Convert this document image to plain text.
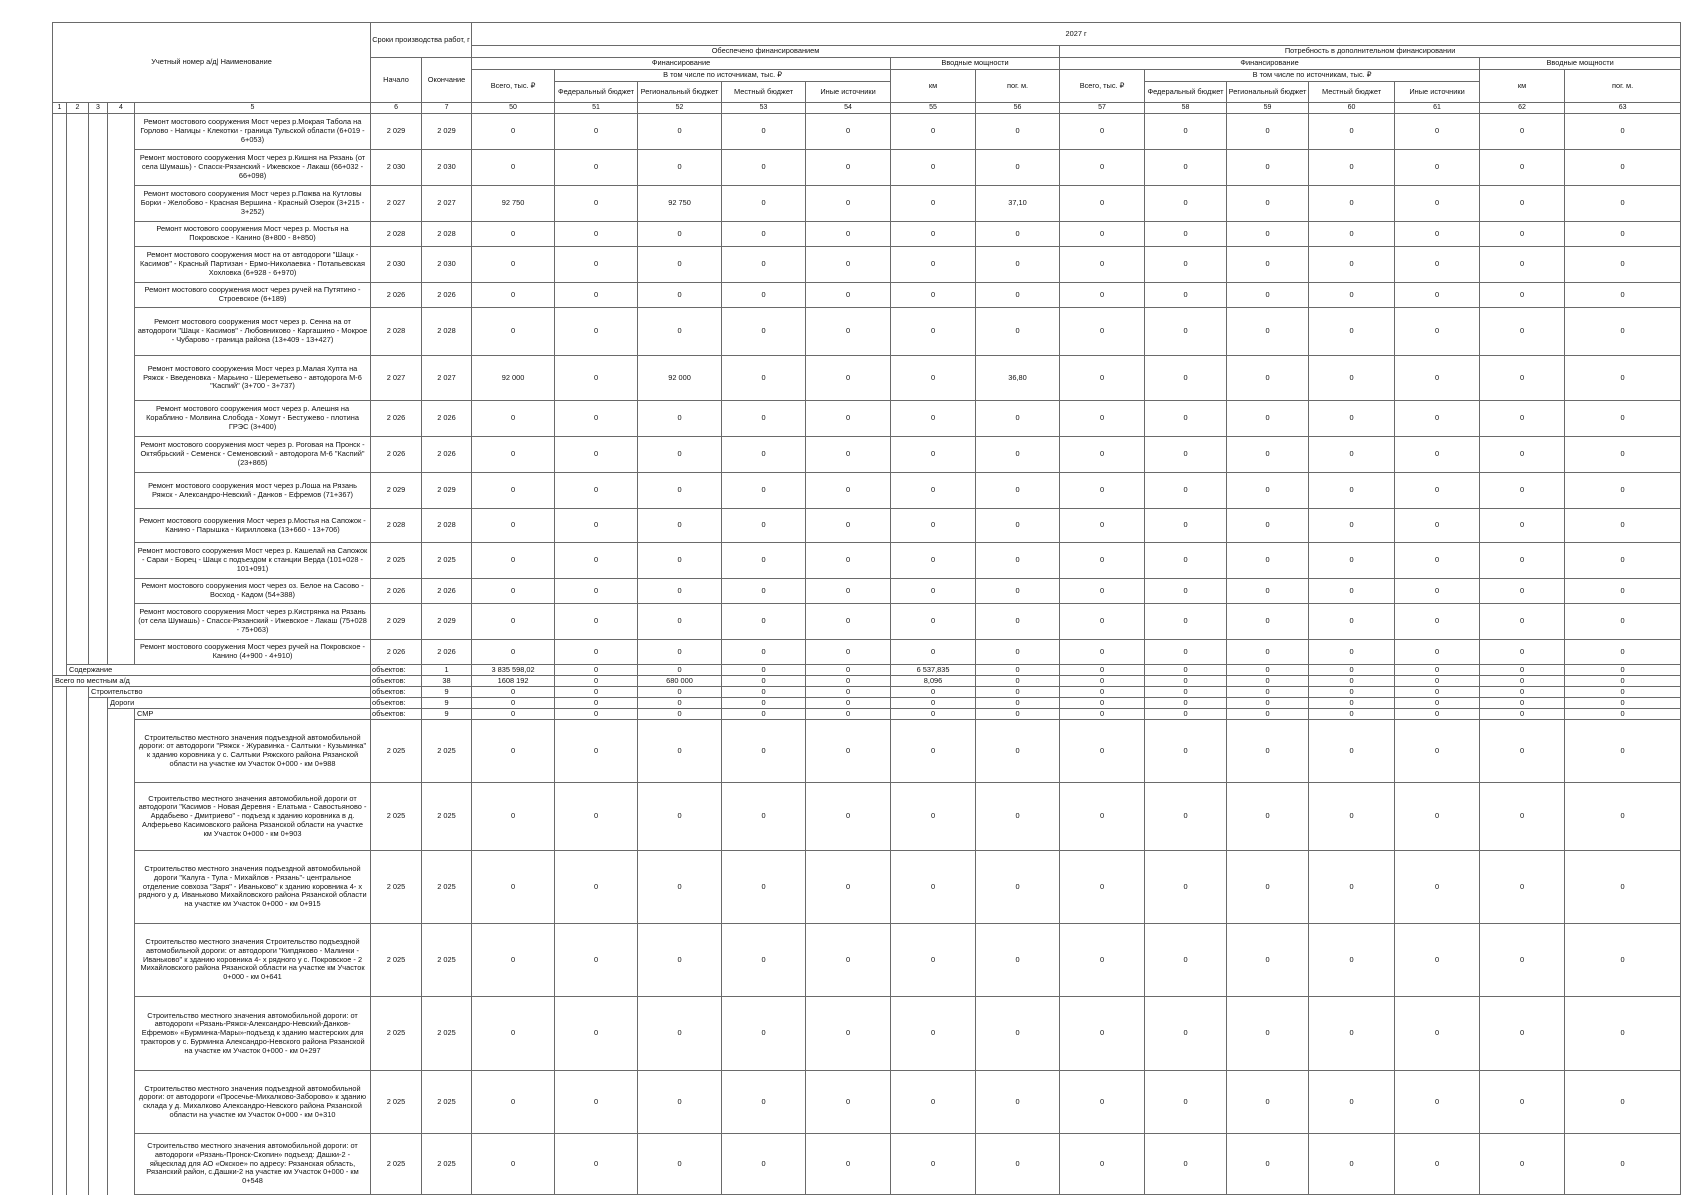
Учетный номер а/д| Наименование					Сроки производства работ, г		2027 г													
							Обеспечено финансированием							Потребность в дополнительном финансировании						
					Начало	Окончание	Финансирование					Вводные мощности		Финансирование					Вводные мощности	
							Всего, тыс. ₽	В том числе по источникам, тыс. ₽				км	пог. м.	Всего, тыс. ₽	В том числе по источникам, тыс. ₽				км	пог. м.
								Федеральный бюджет	Региональный бюджет	Местный бюджет	Иные источники				Федеральный бюджет	Региональный бюджет	Местный бюджет	Иные источники		
1	2	3	4	5	6	7	50	51	52	53	54	55	56	57	58	59	60	61	62	63
				Ремонт мостового сооружения Мост через р.Мокрая Табола на Горлово - Нагицы - Клекотки - граница Тульской области (6+019 - 6+053)	2 029	2 029	0	0	0	0	0	0	0	0	0	0	0	0	0	0
				Ремонт мостового сооружения Мост через р.Кишня на Рязань (от села Шумашь) - Спасск-Рязанский - Ижевское - Лакаш (66+032 - 66+098)	2 030	2 030	0	0	0	0	0	0	0	0	0	0	0	0	0	0
				Ремонт мостового сооружения Мост через р.Пожва на Кутловы Борки - Желобово - Красная Вершина - Красный Озерок (3+215 - 3+252)	2 027	2 027	92 750	0	92 750	0	0	0	37,10	0	0	0	0	0	0	0
				Ремонт мостового сооружения Мост через р. Мостья на Покровское - Канино (8+800 - 8+850)	2 028	2 028	0	0	0	0	0	0	0	0	0	0	0	0	0	0
				Ремонт мостового сооружения мост на от автодороги "Шацк - Касимов" - Красный Партизан - Ермо-Николаевка - Потапьевская Хохловка (6+928 - 6+970)	2 030	2 030	0	0	0	0	0	0	0	0	0	0	0	0	0	0
				Ремонт мостового сооружения мост через ручей на Путятино - Строевское (6+189)	2 026	2 026	0	0	0	0	0	0	0	0	0	0	0	0	0	0
				Ремонт мостового сооружения мост через р. Сенна на от автодороги "Шацк - Касимов" - Любовниково - Каргашино - Мокрое - Чубарово - граница района (13+409 - 13+427)	2 028	2 028	0	0	0	0	0	0	0	0	0	0	0	0	0	0
				Ремонт мостового сооружения Мост через р.Малая Хупта на Ряжск - Введеновка - Марьино - Шереметьево - автодорога М-6 "Каспий" (3+700 - 3+737)	2 027	2 027	92 000	0	92 000	0	0	0	36,80	0	0	0	0	0	0	0
				Ремонт мостового сооружения мост через р. Алешня на Кораблино - Молвина Слобода - Хомут - Бестужево - плотина ГРЭС (3+400)	2 026	2 026	0	0	0	0	0	0	0	0	0	0	0	0	0	0
				Ремонт мостового сооружения мост через р. Роговая на Пронск - Октябрьский - Семенск - Семеновский - автодорога М-6 "Каспий" (23+865)	2 026	2 026	0	0	0	0	0	0	0	0	0	0	0	0	0	0
				Ремонт мостового сооружения мост через р.Лоша на Рязань Ряжск - Александро-Невский - Данков - Ефремов (71+367)	2 029	2 029	0	0	0	0	0	0	0	0	0	0	0	0	0	0
				Ремонт мостового сооружения Мост через р.Мостья на Сапожок - Канино - Парышка - Кирилловка (13+660 - 13+706)	2 028	2 028	0	0	0	0	0	0	0	0	0	0	0	0	0	0
				Ремонт мостового сооружения Мост через р. Кашелай на Сапожок - Сараи - Борец - Шацк с подъездом к станции Верда (101+028 - 101+091)	2 025	2 025	0	0	0	0	0	0	0	0	0	0	0	0	0	0
				Ремонт мостового сооружения мост через оз. Белое на Сасово - Восход - Кадом (54+388)	2 026	2 026	0	0	0	0	0	0	0	0	0	0	0	0	0	0
				Ремонт мостового сооружения Мост через р.Кистрянка на Рязань (от села Шумашь) - Спасск-Рязанский - Ижевское - Лакаш (75+028 - 75+063)	2 029	2 029	0	0	0	0	0	0	0	0	0	0	0	0	0	0
				Ремонт мостового сооружения Мост через ручей на Покровское - Канино (4+900 - 4+910)	2 026	2 026	0	0	0	0	0	0	0	0	0	0	0	0	0	0
	Содержание				объектов:	1	3 835 598,02	0	0	0	0	6 537,835	0	0	0	0	0	0	0	0
Всего по местным а/д					объектов:	38	1608 192	0	680 000	0	0	8,096	0	0	0	0	0	0	0	0
		Строительство			объектов:	9	0	0	0	0	0	0	0	0	0	0	0	0	0	0
			Дороги		объектов:	9	0	0	0	0	0	0	0	0	0	0	0	0	0	0
				СМР	объектов:	9	0	0	0	0	0	0	0	0	0	0	0	0	0	0
				Строительство местного значения подъездной автомобильной дороги: от автодороги "Ряжск - Журавинка - Салтыки - Кузьминка" к зданию коровника у с. Салтыки Ряжского района Рязанской области на участке км Участок 0+000 - км 0+988	2 025	2 025	0	0	0	0	0	0	0	0	0	0	0	0	0	0
				Строительство местного значения автомобильной дороги от автодороги "Касимов - Новая Деревня - Елатьма - Савостьяново - Ардабьево - Дмитриево" - подъезд к зданию коровника в д. Алферьево Касимовского района Рязанской области на участке км Участок 0+000 - км 0+903	2 025	2 025	0	0	0	0	0	0	0	0	0	0	0	0	0	0
				Строительство местного значения подъездной автомобильной дороги "Калуга - Тула - Михайлов - Рязань"- центральное отделение совхоза "Заря" - Иваньково" к зданию коровника 4- х рядного у д. Иваньково Михайловского района Рязанской области на участке км Участок 0+000 - км 0+915	2 025	2 025	0	0	0	0	0	0	0	0	0	0	0	0	0	0
				Строительство местного значения Строительство подъездной автомобильной дороги: от автодороги "Кипдяково - Малинки - Иваньково" к зданию коровника 4- х рядного у с. Покровское - 2 Михайловского района Рязанской области на участке км Участок 0+000 - км 0+641	2 025	2 025	0	0	0	0	0	0	0	0	0	0	0	0	0	0
				Строительство местного значения автомобильной дороги: от автодороги «Рязань-Ряжск-Александро-Невский-Данков-Ефремов» «Бурминка-Мары»-подъезд к зданию мастерских для тракторов у с. Бурминка Александро-Невского района Рязанской на участке км Участок 0+000 - км 0+297	2 025	2 025	0	0	0	0	0	0	0	0	0	0	0	0	0	0
				Строительство местного значения подъездной автомобильной дороги: от автодороги «Просечье-Михалково-Заборово» к зданию склада у д. Михалково Александро-Невского района Рязанской области на участке км Участок 0+000 - км 0+310	2 025	2 025	0	0	0	0	0	0	0	0	0	0	0	0	0	0
				Строительство местного значения автомобильной дороги: от автодороги «Рязань-Пронск-Скопин» подъезд: Дашки-2 - яйцесклад для АО «Окское» по адресу: Рязанская область, Рязанский район, с.Дашки-2 на участке км Участок 0+000 - км 0+548	2 025	2 025	0	0	0	0	0	0	0	0	0	0	0	0	0	0
